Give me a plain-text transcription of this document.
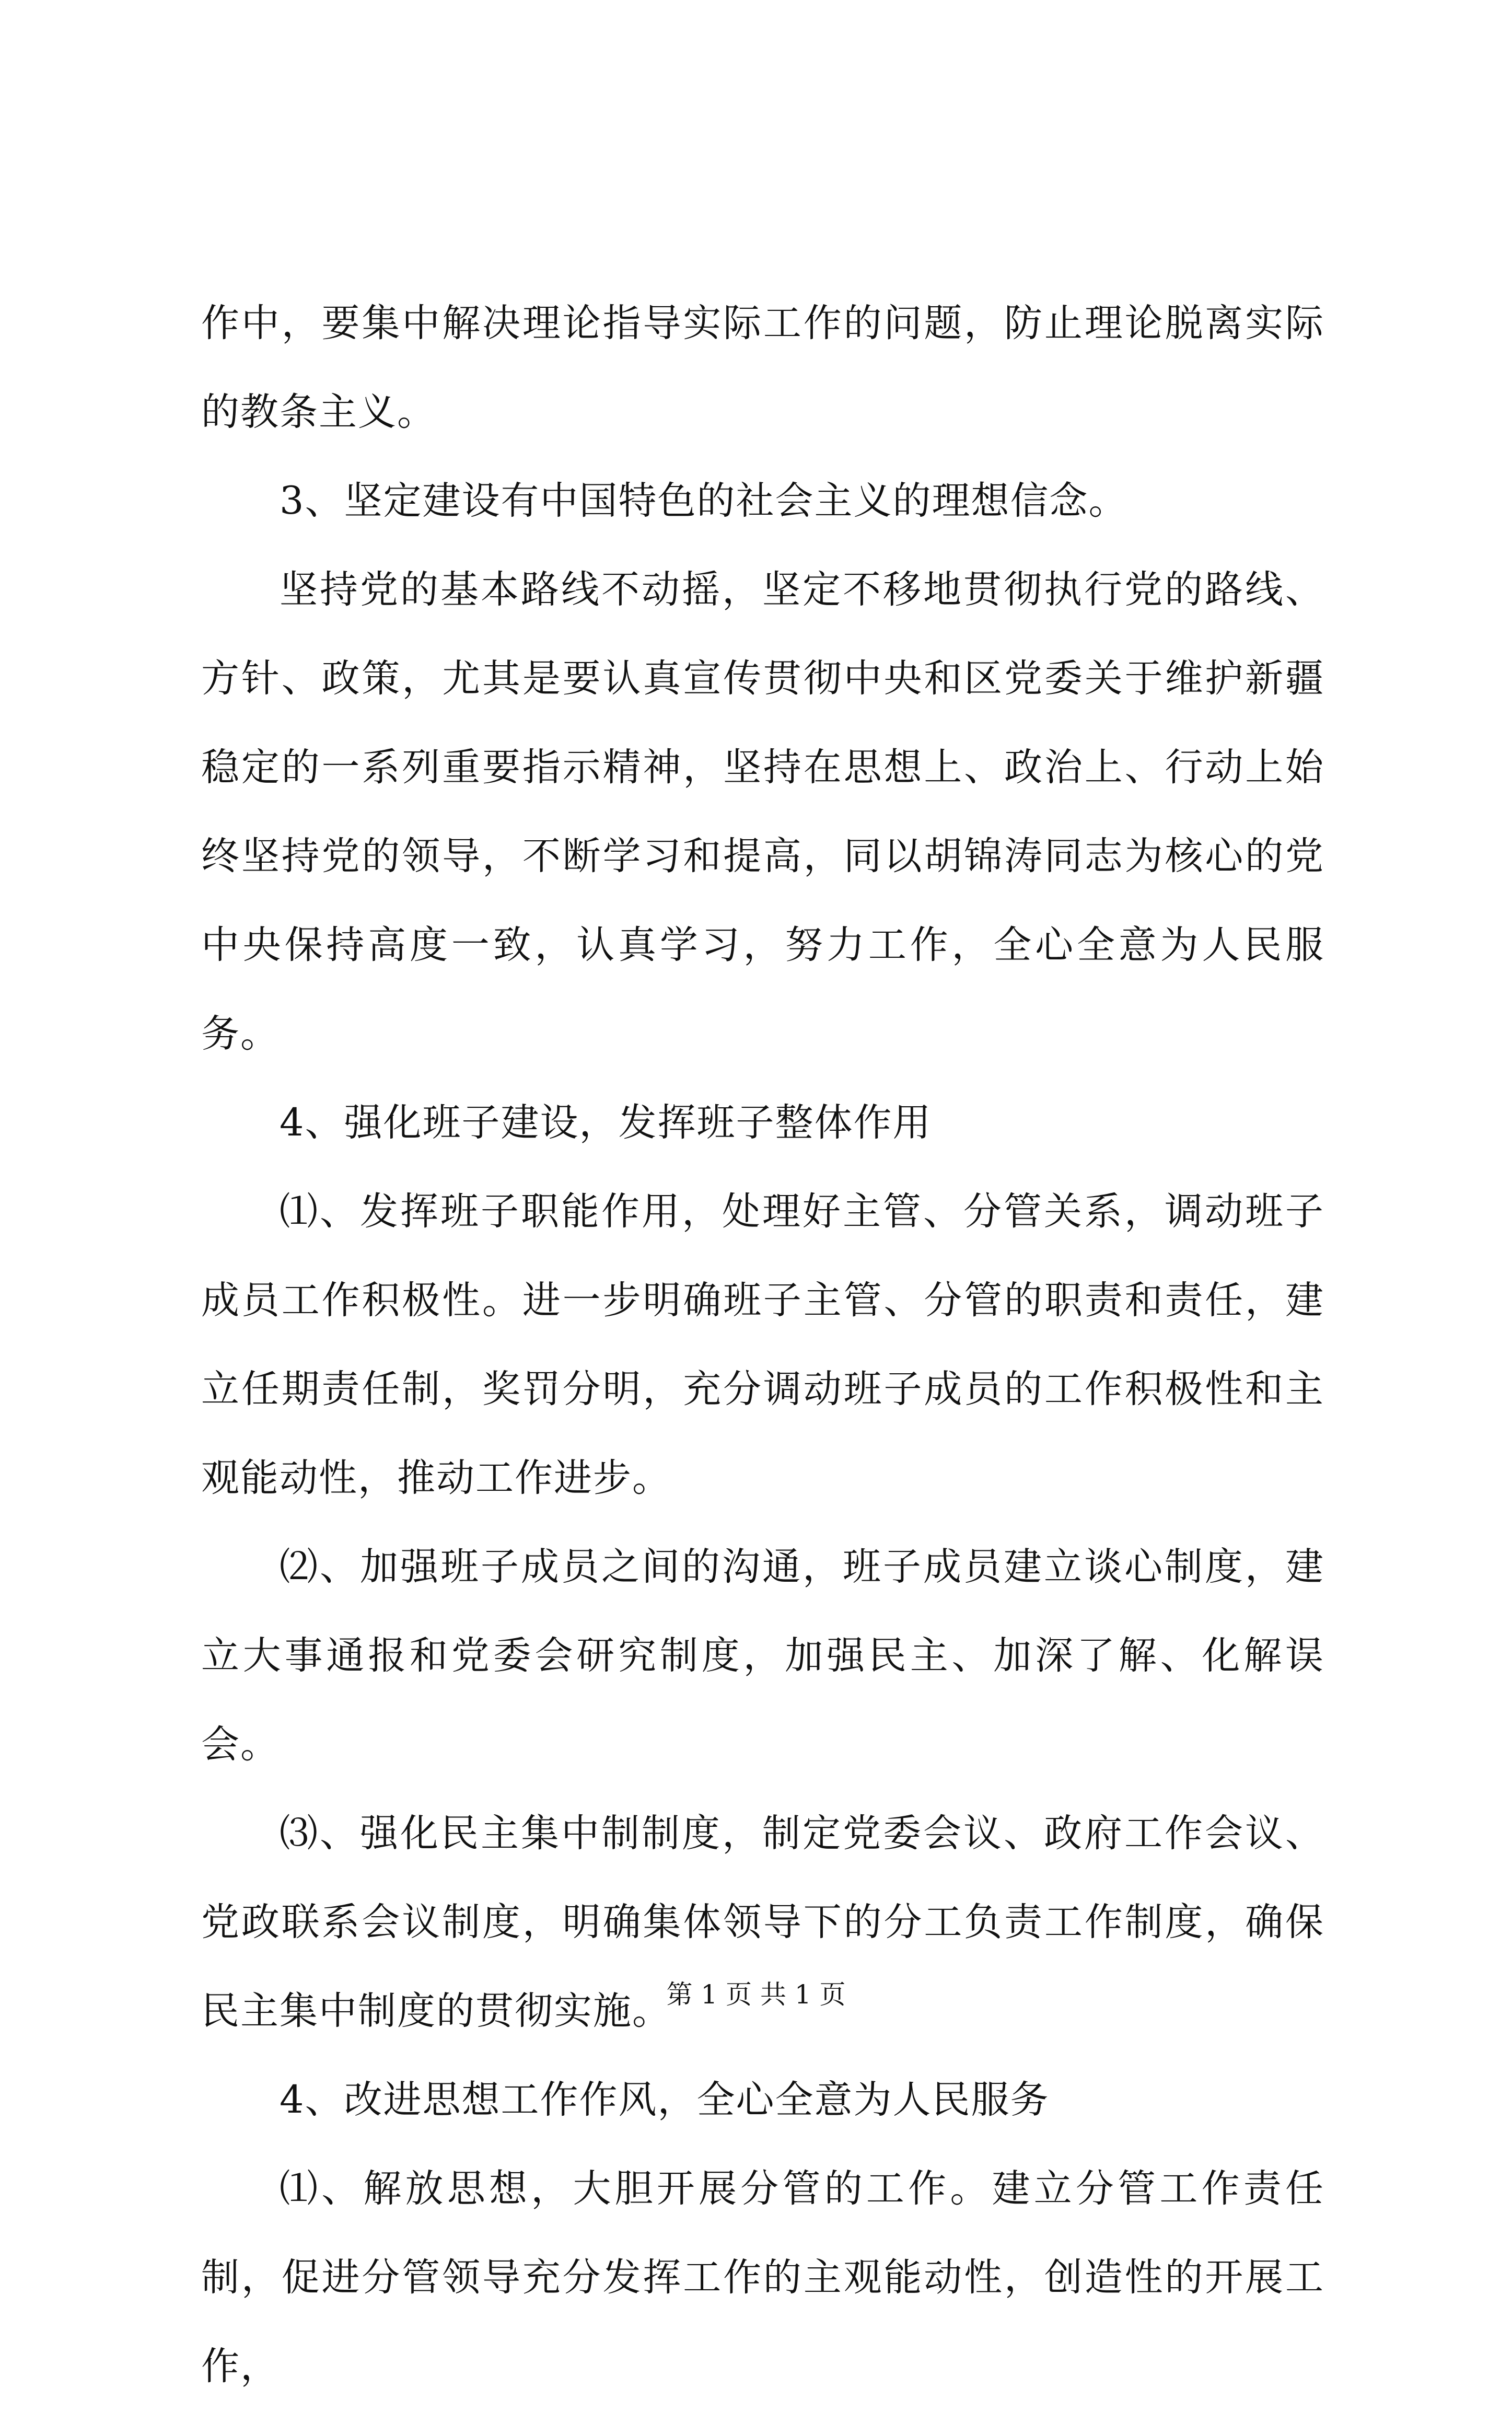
作中，要集中解决理论指导实际工作的问题，防止理论脱离实际的教条主义。

3、坚定建设有中国特色的社会主义的理想信念。

坚持党的基本路线不动摇，坚定不移地贯彻执行党的路线、方针、政策，尤其是要认真宣传贯彻中央和区党委关于维护新疆稳定的一系列重要指示精神，坚持在思想上、政治上、行动上始终坚持党的领导，不断学习和提高，同以胡锦涛同志为核心的党中央保持高度一致，认真学习，努力工作，全心全意为人民服务。

4、强化班子建设，发挥班子整体作用

⑴、发挥班子职能作用，处理好主管、分管关系，调动班子成员工作积极性。进一步明确班子主管、分管的职责和责任，建立任期责任制，奖罚分明，充分调动班子成员的工作积极性和主观能动性，推动工作进步。

⑵、加强班子成员之间的沟通，班子成员建立谈心制度，建立大事通报和党委会研究制度，加强民主、加深了解、化解误会。

⑶、强化民主集中制制度，制定党委会议、政府工作会议、党政联系会议制度，明确集体领导下的分工负责工作制度，确保民主集中制度的贯彻实施。

4、改进思想工作作风，全心全意为人民服务

⑴、解放思想，大胆开展分管的工作。建立分管工作责任制，促进分管领导充分发挥工作的主观能动性，创造性的开展工作，

第 1 页 共 1 页
